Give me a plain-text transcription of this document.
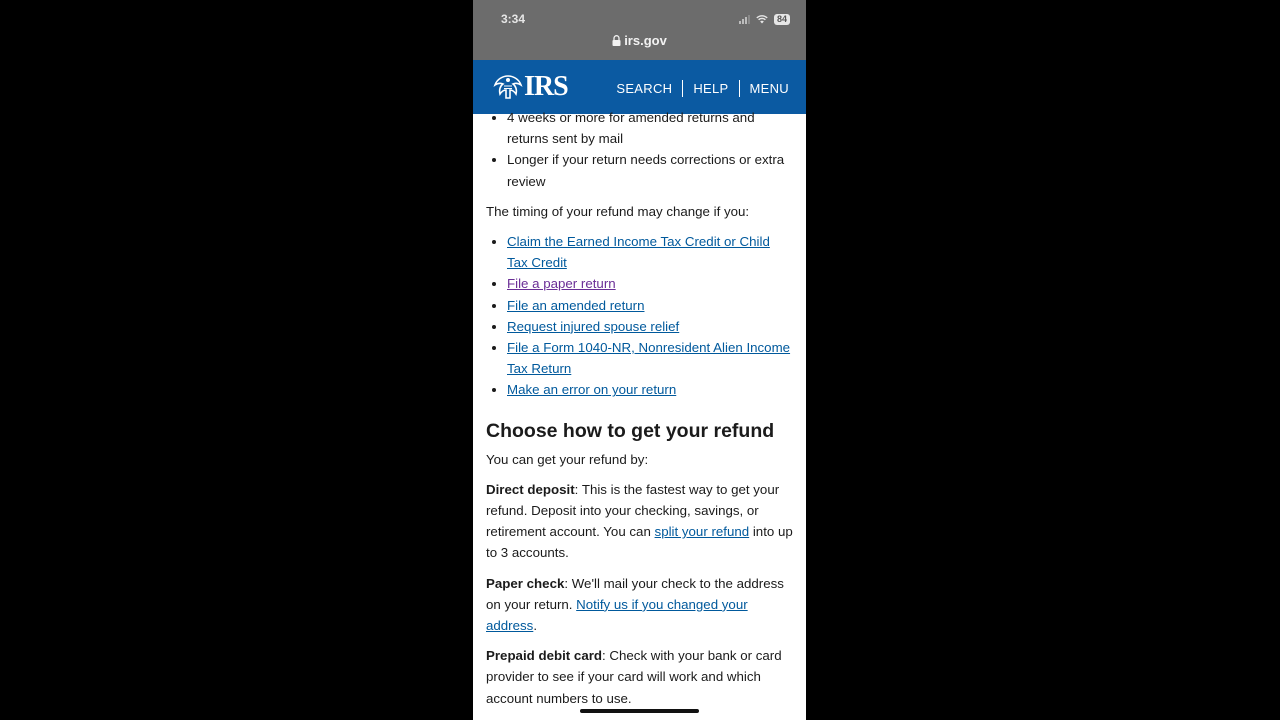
3:34	84
irs.gov
IRS	SEARCH HELP MENU
• 4 weeks or more for amended returns and returns sent by mail
• Longer if your return needs corrections or extra review

The timing of your refund may change if you:

• Claim the Earned Income Tax Credit or Child Tax Credit
• File a paper return
• File an amended return
• Request injured spouse relief
• File a Form 1040-NR, Nonresident Alien Income Tax Return
• Make an error on your return
Choose how to get your refund

You can get your refund by:

Direct deposit: This is the fastest way to get your refund. Deposit into your checking, savings, or retirement account. You can split your refund into up to 3 accounts.

Paper check: We'll mail your check to the address on your return. Notify us if you changed your address.

Prepaid debit card: Check with your bank or card provider to see if your card will work and which account numbers to use.
